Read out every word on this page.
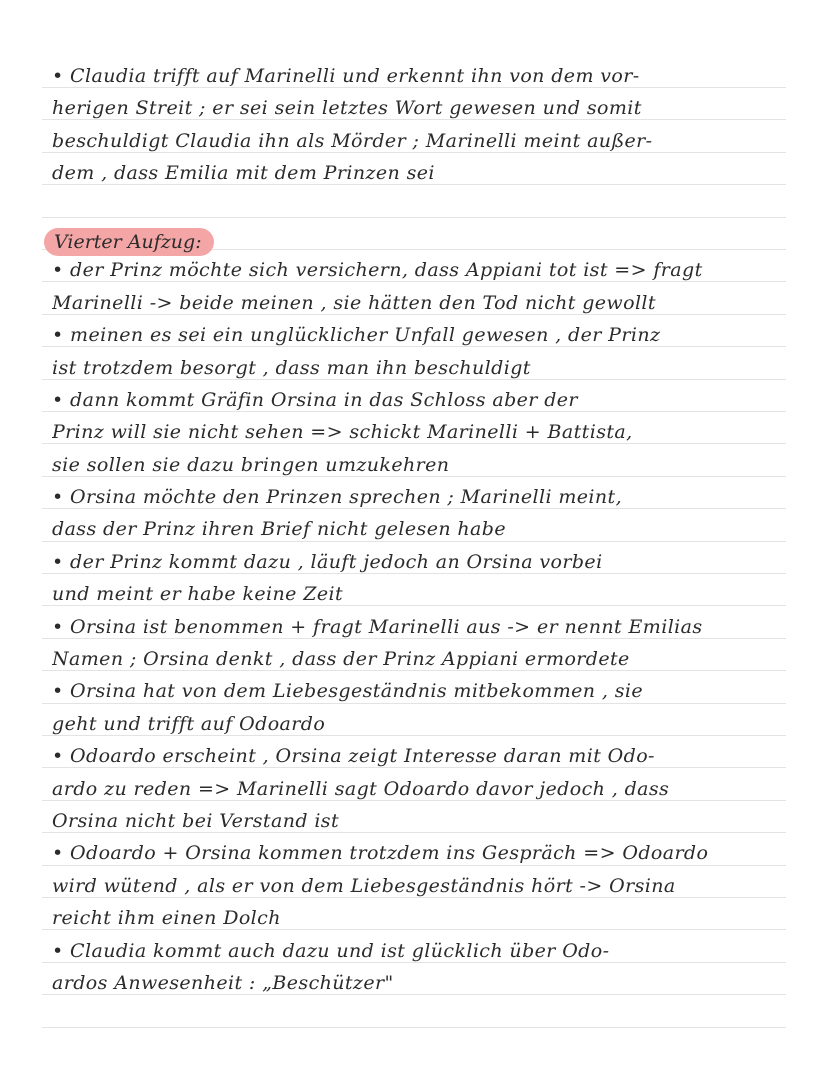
• Claudia trifft auf Marinelli und erkennt ihn von dem vor-
herigen Streit ; er sei sein letztes Wort gewesen und somit
beschuldigt Claudia ihn als Mörder ; Marinelli meint außer-
dem , dass Emilia mit dem Prinzen sei
Vierter Aufzug:
• der Prinz möchte sich versichern, dass Appiani tot ist => fragt
Marinelli -> beide meinen , sie hätten den Tod nicht gewollt
• meinen es sei ein unglücklicher Unfall gewesen , der Prinz
ist trotzdem besorgt , dass man ihn beschuldigt
• dann kommt Gräfin Orsina in das Schloss aber der
Prinz will sie nicht sehen => schickt Marinelli + Battista,
sie sollen sie dazu bringen umzukehren
• Orsina möchte den Prinzen sprechen ; Marinelli meint,
dass der Prinz ihren Brief nicht gelesen habe
• der Prinz kommt dazu , läuft jedoch an Orsina vorbei
und meint er habe keine Zeit
• Orsina ist benommen + fragt Marinelli aus -> er nennt Emilias
Namen ; Orsina denkt , dass der Prinz Appiani ermordete
• Orsina hat von dem Liebesgeständnis mitbekommen , sie
geht und trifft auf Odoardo
• Odoardo erscheint , Orsina zeigt Interesse daran mit Odo-
ardo zu reden => Marinelli sagt Odoardo davor jedoch , dass
Orsina nicht bei Verstand ist
• Odoardo + Orsina kommen trotzdem ins Gespräch => Odoardo
wird wütend , als er von dem Liebesgeständnis hört -> Orsina
reicht ihm einen Dolch
• Claudia kommt auch dazu und ist glücklich über Odo-
ardos Anwesenheit : „Beschützer"
